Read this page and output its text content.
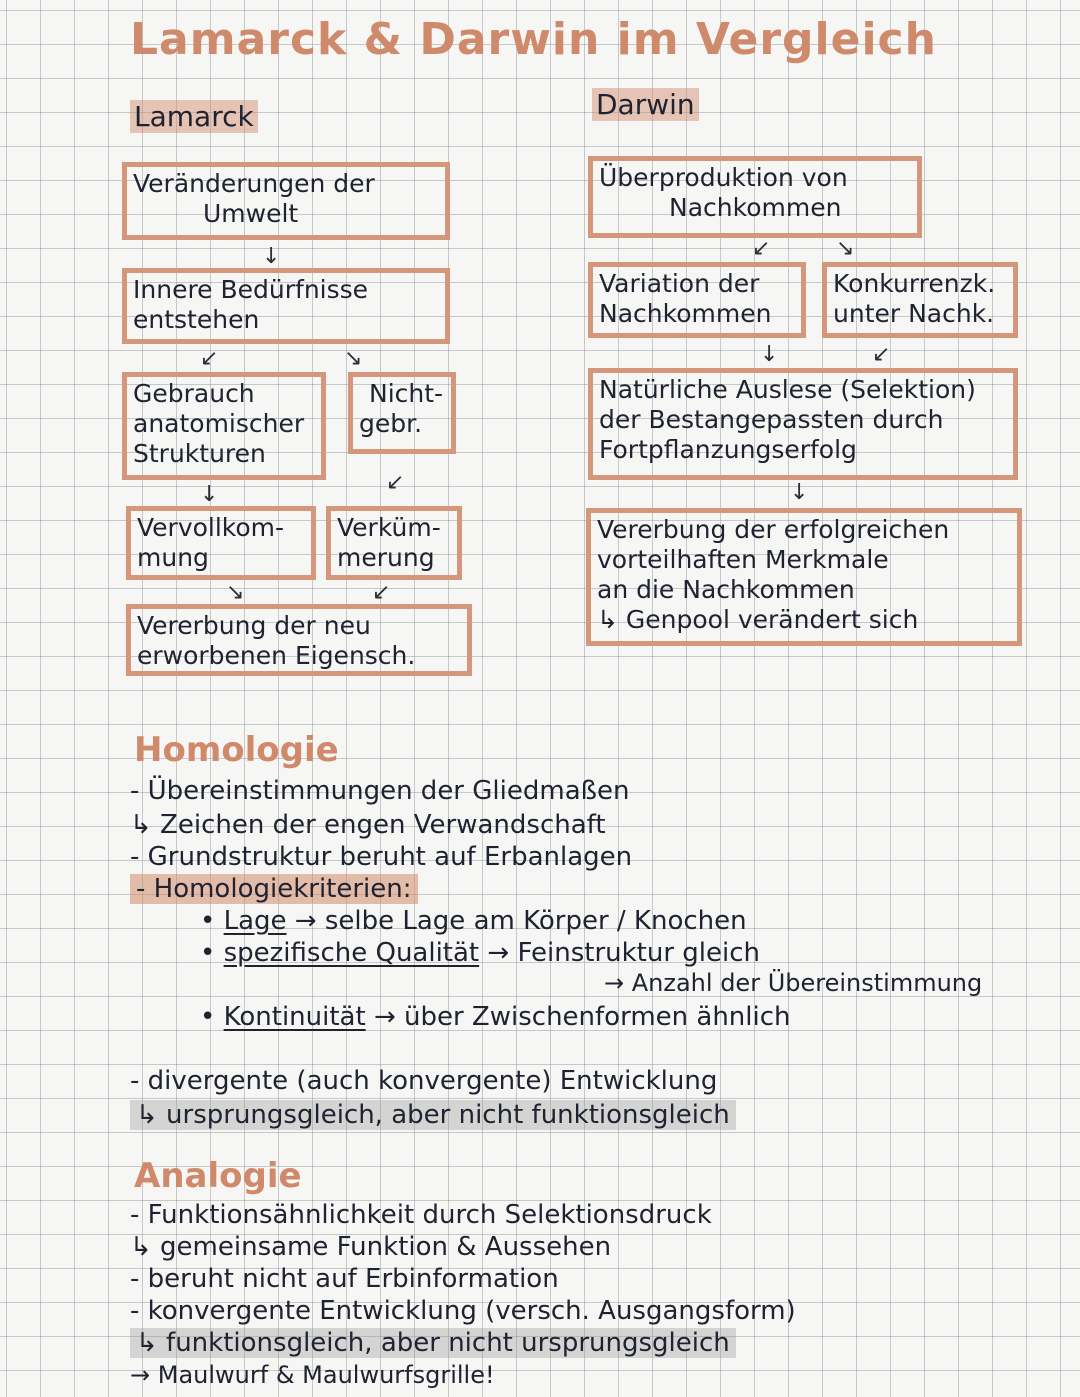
Lamarck & Darwin im Vergleich
Lamarck	Darwin
Veränderungen der
Umwelt
↓
Innere Bedürfnisse
entstehen
↙	↘
Gebrauch
anatomischer
Strukturen
Nicht-
gebr.
↓	↙
Vervollkom-
mung
Verküm-
merung
↘	↙
Vererbung der neu
erworbenen Eigensch.
Überproduktion von
Nachkommen
↙	↘
Variation der
Nachkommen
Konkurrenzk.
unter Nachk.
↓	↙
Natürliche Auslese (Selektion)
der Bestangepassten durch
Fortpflanzungserfolg
↓
Vererbung der erfolgreichen
vorteilhaften Merkmale
an die Nachkommen
↳ Genpool verändert sich
Homologie
- Übereinstimmungen der Gliedmaßen
↳ Zeichen der engen Verwandschaft
- Grundstruktur beruht auf Erbanlagen
- Homologiekriterien:
• Lage → selbe Lage am Körper / Knochen
• spezifische Qualität → Feinstruktur gleich
→ Anzahl der Übereinstimmung
• Kontinuität → über Zwischenformen ähnlich
- divergente (auch konvergente) Entwicklung
↳ ursprungsgleich, aber nicht funktionsgleich
Analogie
- Funktionsähnlichkeit durch Selektionsdruck
↳ gemeinsame Funktion & Aussehen
- beruht nicht auf Erbinformation
- konvergente Entwicklung (versch. Ausgangsform)
↳ funktionsgleich, aber nicht ursprungsgleich
→ Maulwurf & Maulwurfsgrille!
